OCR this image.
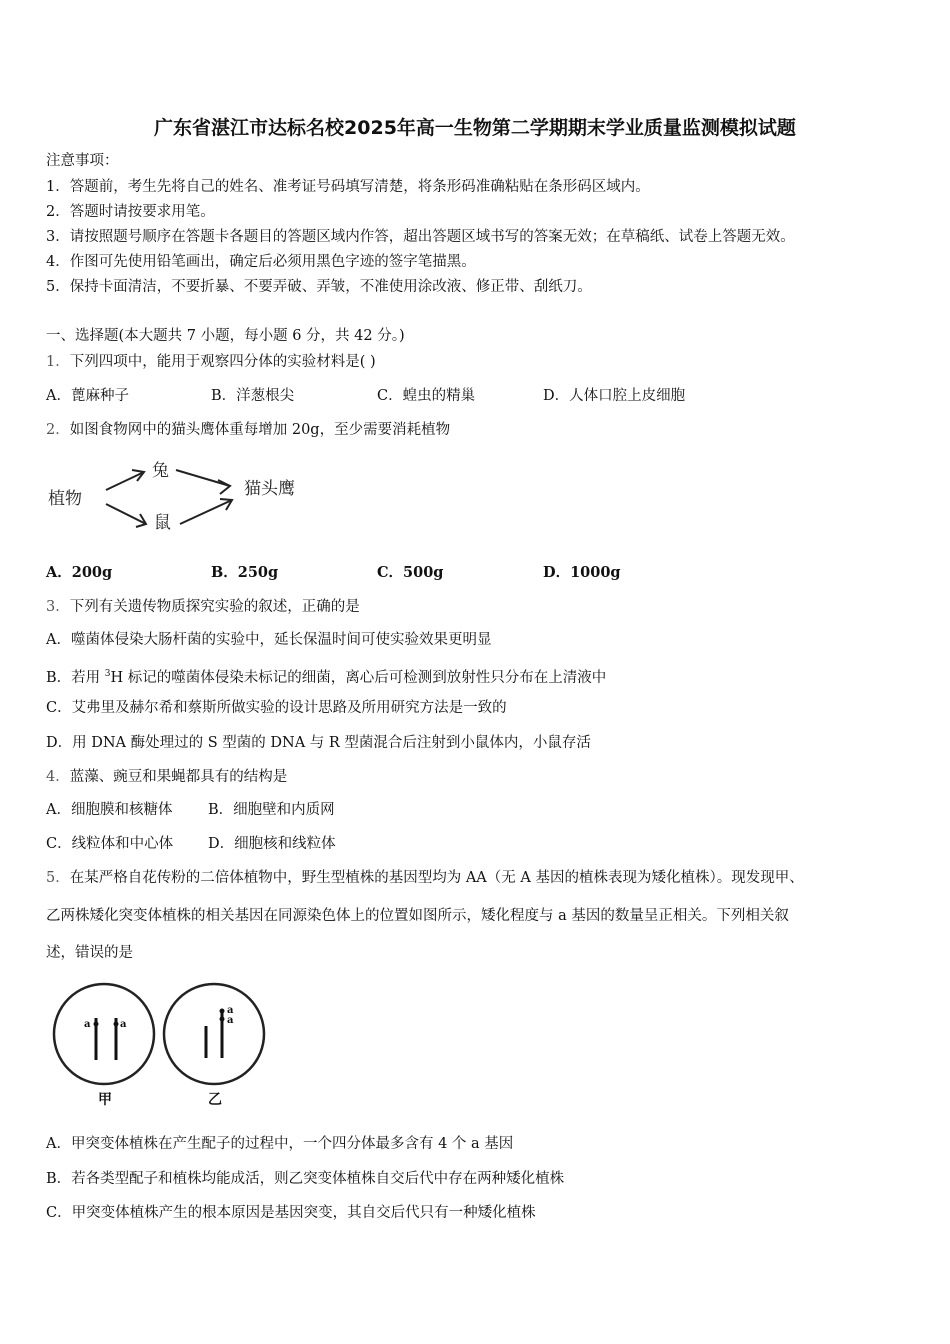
广东省湛江市达标名校2025年高一生物第二学期期末学业质量监测模拟试题
注意事项：
1．答题前，考生先将自己的姓名、准考证号码填写清楚，将条形码准确粘贴在条形码区域内。
2．答题时请按要求用笔。
3．请按照题号顺序在答题卡各题目的答题区域内作答，超出答题区域书写的答案无效；在草稿纸、试卷上答题无效。
4．作图可先使用铅笔画出，确定后必须用黑色字迹的签字笔描黑。
5．保持卡面清洁，不要折暴、不要弄破、弄皱，不准使用涂改液、修正带、刮纸刀。
一、选择题(本大题共 7 小题，每小题 6 分，共 42 分。)
1．下列四项中，能用于观察四分体的实验材料是( )
A．蓖麻种子	B．洋葱根尖	C．蝗虫的精巢	D．人体口腔上皮细胞
2．如图食物网中的猫头鹰体重每增加 20g，至少需要消耗植物
植物
兔
鼠
猫头鹰
A．200g	B．250g	C．500g	D．1000g
3．下列有关遗传物质探究实验的叙述，正确的是
A．噬菌体侵染大肠杆菌的实验中，延长保温时间可使实验效果更明显
B．若用 $^3$H 标记的噬菌体侵染未标记的细菌，离心后可检测到放射性只分布在上清液中
C．艾弗里及赫尔希和蔡斯所做实验的设计思路及所用研究方法是一致的
D．用 DNA 酶处理过的 S 型菌的 DNA 与 R 型菌混合后注射到小鼠体内，小鼠存活
4．蓝藻、豌豆和果蝇都具有的结构是
A．细胞膜和核糖体 B．细胞壁和内质网
C．线粒体和中心体 D．细胞核和线粒体
5．在某严格自花传粉的二倍体植物中，野生型植株的基因型均为 AA（无 A 基因的植株表现为矮化植株）。现发现甲、
乙两株矮化突变体植株的相关基因在同源染色体上的位置如图所示，矮化程度与 a 基因的数量呈正相关。下列相关叙
述，错误的是
a	a
甲
a
a
乙
A．甲突变体植株在产生配子的过程中，一个四分体最多含有 4 个 a 基因
B．若各类型配子和植株均能成活，则乙突变体植株自交后代中存在两种矮化植株
C．甲突变体植株产生的根本原因是基因突变，其自交后代只有一种矮化植株
